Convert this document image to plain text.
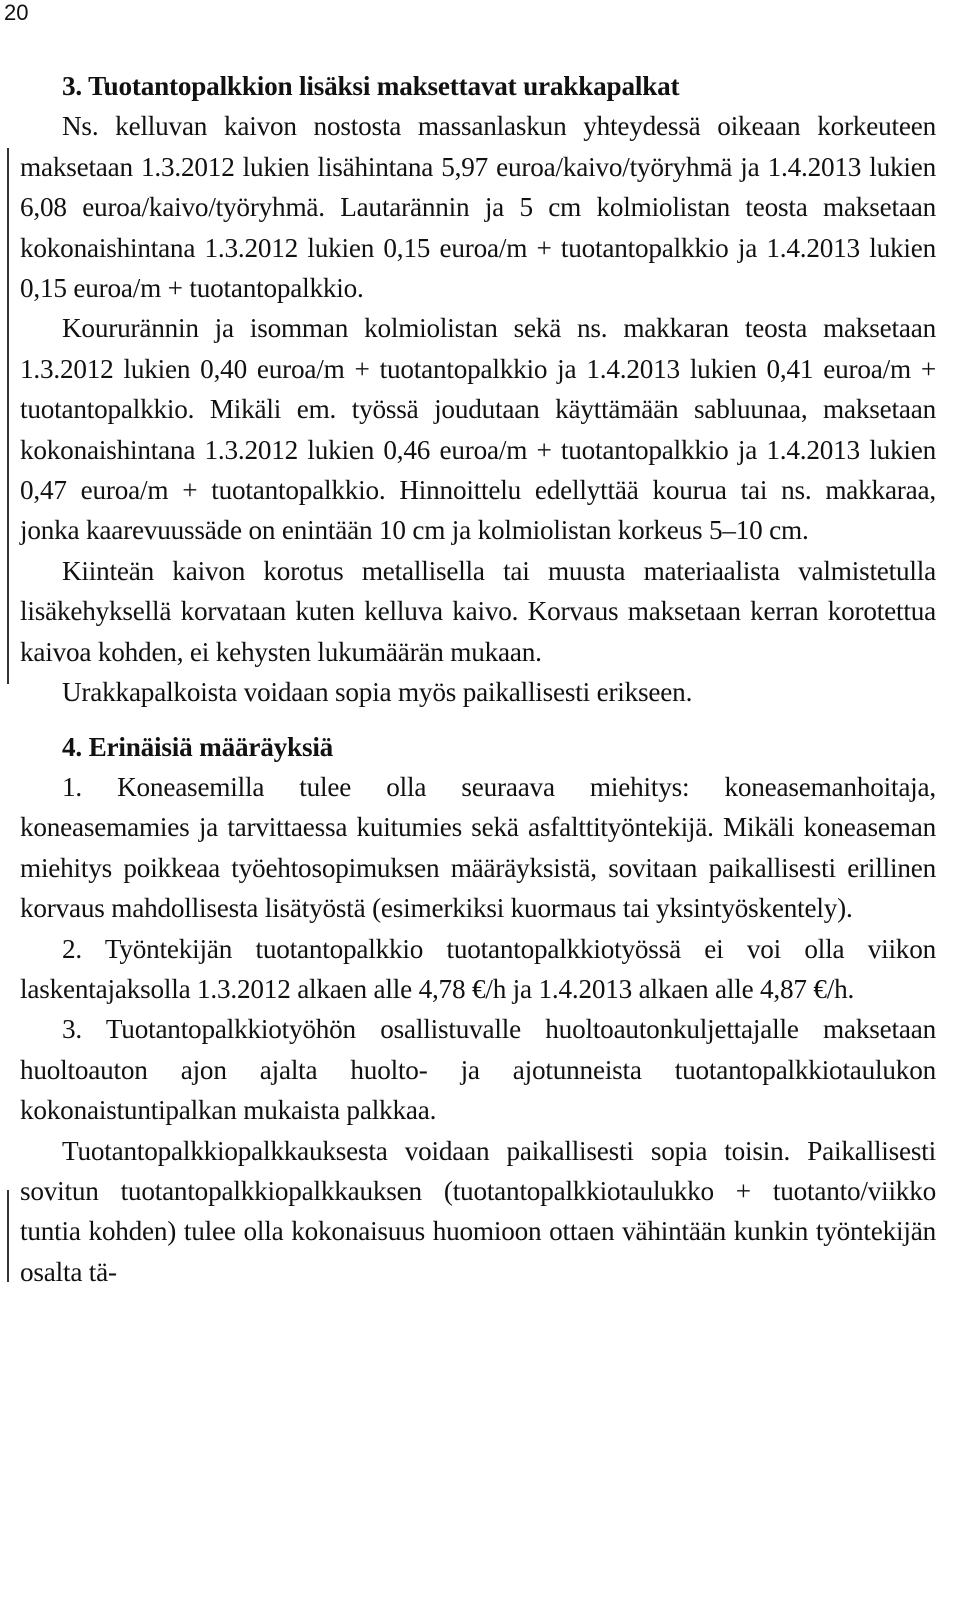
20

3. Tuotantopalkkion lisäksi maksettavat urakkapalkat

Ns. kelluvan kaivon nostosta massanlaskun yhteydessä oikeaan korkeuteen maksetaan 1.3.2012 lukien lisähintana 5,97 euroa/kaivo/työryhmä ja 1.4.2013 lukien 6,08 euroa/kaivo/työryhmä. Lautarännin ja 5 cm kolmiolistan teosta maksetaan kokonaishintana 1.3.2012 lukien 0,15 euroa/m + tuotantopalkkio ja 1.4.2013 lukien 0,15 euroa/m + tuotantopalkkio.

Koururännin ja isomman kolmiolistan sekä ns. makkaran teosta maksetaan 1.3.2012 lukien 0,40 euroa/m + tuotantopalkkio ja 1.4.2013 lukien 0,41 euroa/m + tuotantopalkkio. Mikäli em. työssä joudutaan käyttämään sabluunaa, maksetaan kokonaishintana 1.3.2012 lukien 0,46 euroa/m + tuotantopalkkio ja 1.4.2013 lukien 0,47 euroa/m + tuotantopalkkio. Hinnoittelu edellyttää kourua tai ns. makkaraa, jonka kaarevuussäde on enintään 10 cm ja kolmiolistan korkeus 5–10 cm.

Kiinteän kaivon korotus metallisella tai muusta materiaalista valmistetulla lisäkehyksellä korvataan kuten kelluva kaivo. Korvaus maksetaan kerran korotettua kaivoa kohden, ei kehysten lukumäärän mukaan.

Urakkapalkoista voidaan sopia myös paikallisesti erikseen.

4. Erinäisiä määräyksiä

1. Koneasemilla tulee olla seuraava miehitys: koneasemanhoitaja, koneasemamies ja tarvittaessa kuitumies sekä asfalttityöntekijä. Mikäli koneaseman miehitys poikkeaa työehtosopimuksen määräyksistä, sovitaan paikallisesti erillinen korvaus mahdollisesta lisätyöstä (esimerkiksi kuormaus tai yksintyöskentely).

2. Työntekijän tuotantopalkkio tuotantopalkkiotyössä ei voi olla viikon laskentajaksolla 1.3.2012 alkaen alle 4,78 €/h ja 1.4.2013 alkaen alle 4,87 €/h.

3. Tuotantopalkkiotyöhön osallistuvalle huoltoautonkuljettajalle maksetaan huoltoauton ajon ajalta huolto- ja ajotunneista tuotantopalkkiotaulukon kokonaistuntipalkan mukaista palkkaa.

Tuotantopalkkiopalkkauksesta voidaan paikallisesti sopia toisin. Paikallisesti sovitun tuotantopalkkiopalkkauksen (tuotantopalkkiotaulukko + tuotanto/viikko tuntia kohden) tulee olla kokonaisuus huomioon ottaen vähintään kunkin työntekijän osalta tä-
